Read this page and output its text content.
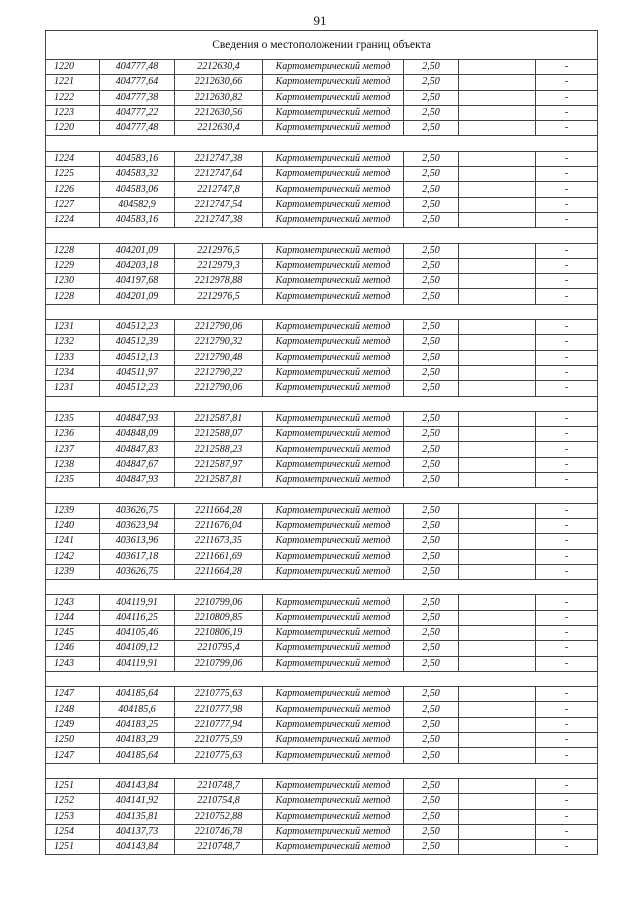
91
Сведения о местоположении границ объекта						
1220	404777,48	2212630,4	Картометрический метод	2,50		-
1221	404777,64	2212630,66	Картометрический метод	2,50		-
1222	404777,38	2212630,82	Картометрический метод	2,50		-
1223	404777,22	2212630,56	Картометрический метод	2,50		-
1220	404777,48	2212630,4	Картометрический метод	2,50		-

1224	404583,16	2212747,38	Картометрический метод	2,50		-
1225	404583,32	2212747,64	Картометрический метод	2,50		-
1226	404583,06	2212747,8	Картометрический метод	2,50		-
1227	404582,9	2212747,54	Картометрический метод	2,50		-
1224	404583,16	2212747,38	Картометрический метод	2,50		-

1228	404201,09	2212976,5	Картометрический метод	2,50		-
1229	404203,18	2212979,3	Картометрический метод	2,50		-
1230	404197,68	2212978,88	Картометрический метод	2,50		-
1228	404201,09	2212976,5	Картометрический метод	2,50		-

1231	404512,23	2212790,06	Картометрический метод	2,50		-
1232	404512,39	2212790,32	Картометрический метод	2,50		-
1233	404512,13	2212790,48	Картометрический метод	2,50		-
1234	404511,97	2212790,22	Картометрический метод	2,50		-
1231	404512,23	2212790,06	Картометрический метод	2,50		-

1235	404847,93	2212587,81	Картометрический метод	2,50		-
1236	404848,09	2212588,07	Картометрический метод	2,50		-
1237	404847,83	2212588,23	Картометрический метод	2,50		-
1238	404847,67	2212587,97	Картометрический метод	2,50		-
1235	404847,93	2212587,81	Картометрический метод	2,50		-

1239	403626,75	2211664,28	Картометрический метод	2,50		-
1240	403623,94	2211676,04	Картометрический метод	2,50		-
1241	403613,96	2211673,35	Картометрический метод	2,50		-
1242	403617,18	2211661,69	Картометрический метод	2,50		-
1239	403626,75	2211664,28	Картометрический метод	2,50		-

1243	404119,91	2210799,06	Картометрический метод	2,50		-
1244	404116,25	2210809,85	Картометрический метод	2,50		-
1245	404105,46	2210806,19	Картометрический метод	2,50		-
1246	404109,12	2210795,4	Картометрический метод	2,50		-
1243	404119,91	2210799,06	Картометрический метод	2,50		-

1247	404185,64	2210775,63	Картометрический метод	2,50		-
1248	404185,6	2210777,98	Картометрический метод	2,50		-
1249	404183,25	2210777,94	Картометрический метод	2,50		-
1250	404183,29	2210775,59	Картометрический метод	2,50		-
1247	404185,64	2210775,63	Картометрический метод	2,50		-

1251	404143,84	2210748,7	Картометрический метод	2,50		-
1252	404141,92	2210754,8	Картометрический метод	2,50		-
1253	404135,81	2210752,88	Картометрический метод	2,50		-
1254	404137,73	2210746,78	Картометрический метод	2,50		-
1251	404143,84	2210748,7	Картометрический метод	2,50		-
